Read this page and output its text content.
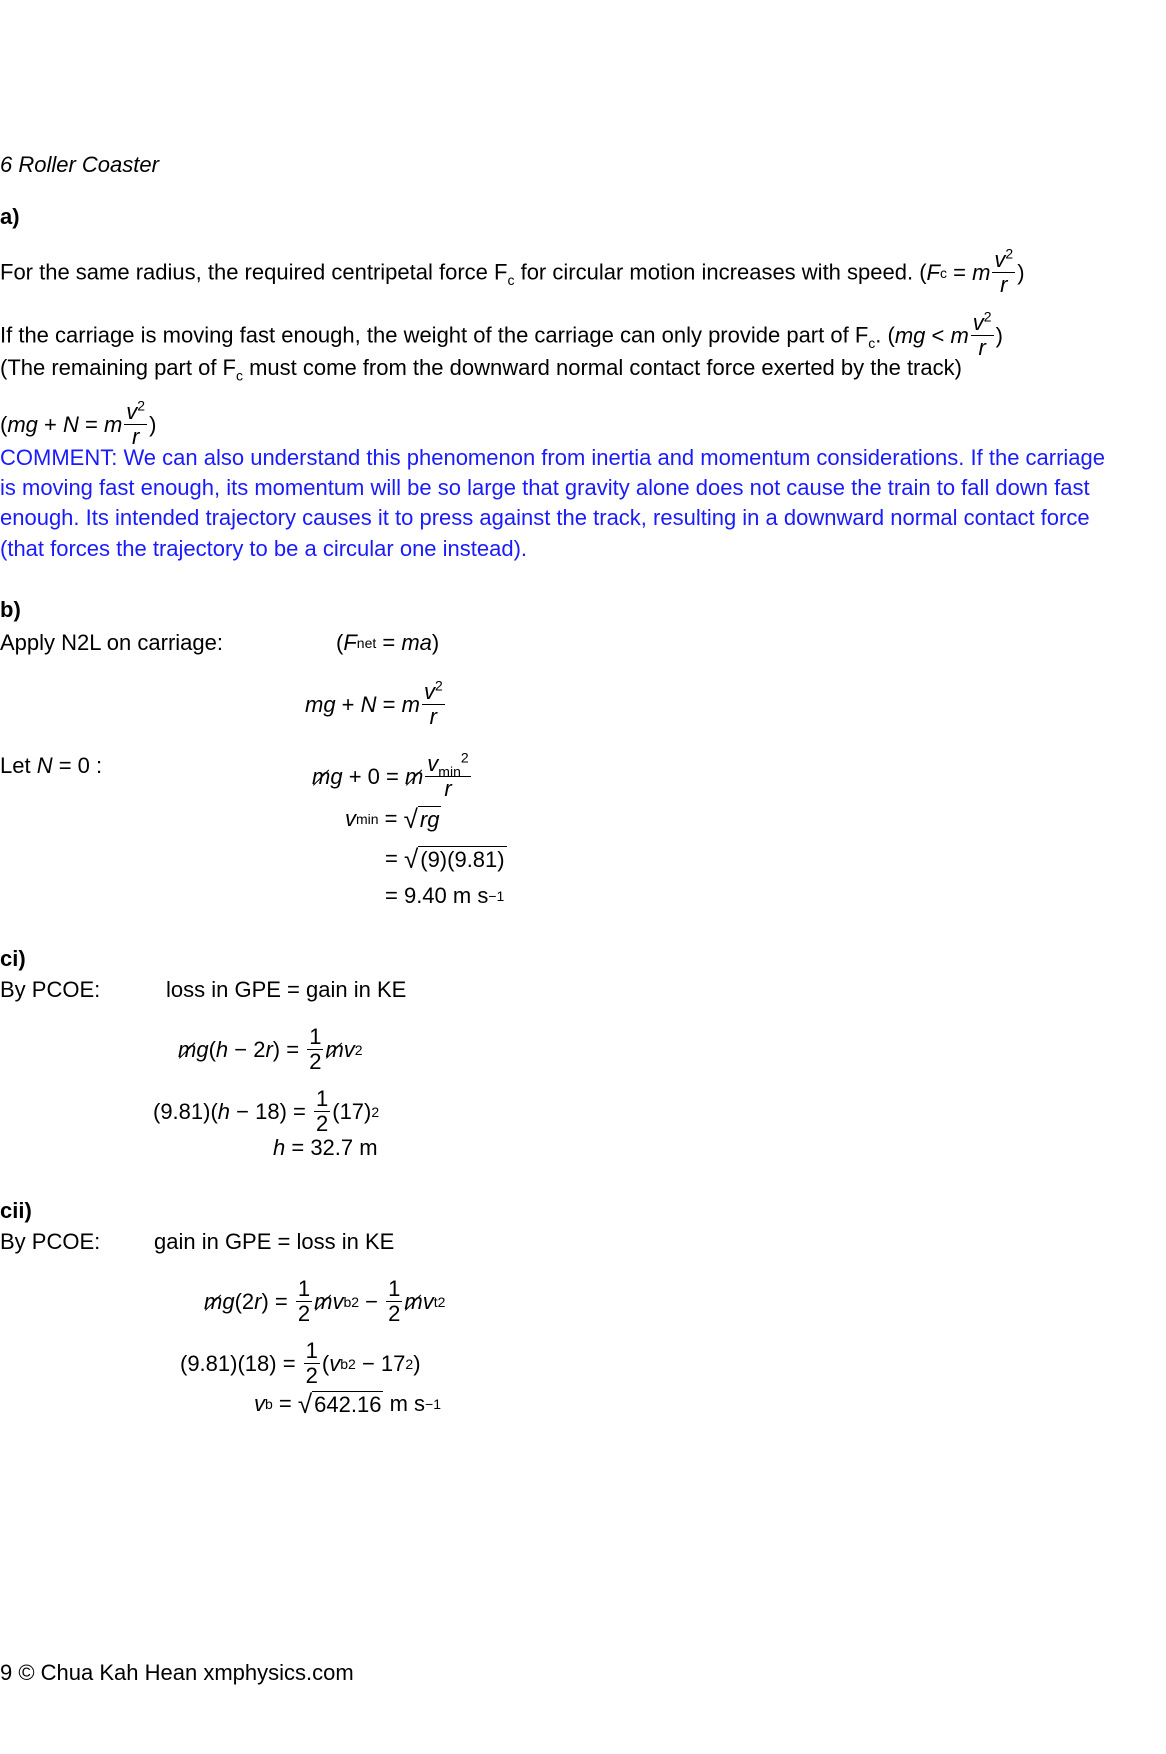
6 Roller Coaster
a)
For the same radius, the required centripetal force $F_c$ for circular motion increases with speed. ( F c = m $\frac{v^2}{r}$ )
If the carriage is moving fast enough, the weight of the carriage can only provide part of $F_c$. ( mg < m $\frac{v^2}{r}$ )
(The remaining part of $F_c$ must come from the downward normal contact force exerted by the track)
( mg + N = m $\frac{v^2}{r}$ )
COMMENT: We can also understand this phenomenon from inertia and momentum considerations. If the carriage
is moving fast enough, its momentum will be so large that gravity alone does not cause the train to fall down fast
enough. Its intended trajectory causes it to press against the track, resulting in a downward normal contact force
(that forces the trajectory to be a circular one instead).
b)
Apply N2L on carriage:	( F net = ma )
mg + N = m $\frac{v^2}{r}$
Let N = 0 :	m g + 0 = m $\frac{v_{min}^2}{r}$
v min = √ rg
= √ (9)(9.81)
= 9.40 m s −1
ci)
By PCOE:	loss in GPE = gain in KE
m g ( h − 2 r ) = $\frac{1}{2}$ m v 2
(9.81)( $h - 18) = \frac{1}{2} (17)$ 2
h = 32.7 m
cii)
By PCOE: gain in GPE = loss in KE
m g (2 r ) = $\frac{1}{2}$ m v b $2 - \frac{1}{2}$ m v t 2
$(9.81)(18) = \frac{1}{2}$ ( v b 2 − 17 2 )
v b = √ 642.16 m s −1
9 © Chua Kah Hean xmphysics.com
